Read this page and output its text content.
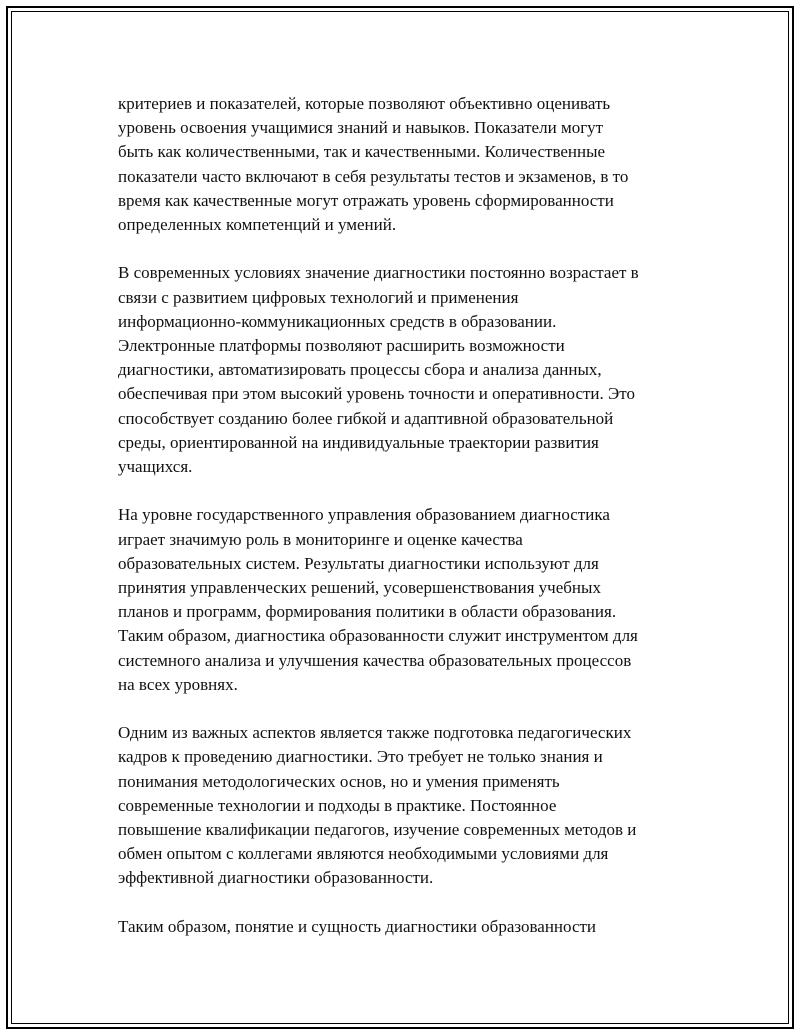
критериев и показателей, которые позволяют объективно оценивать
уровень освоения учащимися знаний и навыков. Показатели могут
быть как количественными, так и качественными. Количественные
показатели часто включают в себя результаты тестов и экзаменов, в то
время как качественные могут отражать уровень сформированности
определенных компетенций и умений.

В современных условиях значение диагностики постоянно возрастает в
связи с развитием цифровых технологий и применения
информационно-коммуникационных средств в образовании.
Электронные платформы позволяют расширить возможности
диагностики, автоматизировать процессы сбора и анализа данных,
обеспечивая при этом высокий уровень точности и оперативности. Это
способствует созданию более гибкой и адаптивной образовательной
среды, ориентированной на индивидуальные траектории развития
учащихся.

На уровне государственного управления образованием диагностика
играет значимую роль в мониторинге и оценке качества
образовательных систем. Результаты диагностики используют для
принятия управленческих решений, усовершенствования учебных
планов и программ, формирования политики в области образования.
Таким образом, диагностика образованности служит инструментом для
системного анализа и улучшения качества образовательных процессов
на всех уровнях.

Одним из важных аспектов является также подготовка педагогических
кадров к проведению диагностики. Это требует не только знания и
понимания методологических основ, но и умения применять
современные технологии и подходы в практике. Постоянное
повышение квалификации педагогов, изучение современных методов и
обмен опытом с коллегами являются необходимыми условиями для
эффективной диагностики образованности.

Таким образом, понятие и сущность диагностики образованности
